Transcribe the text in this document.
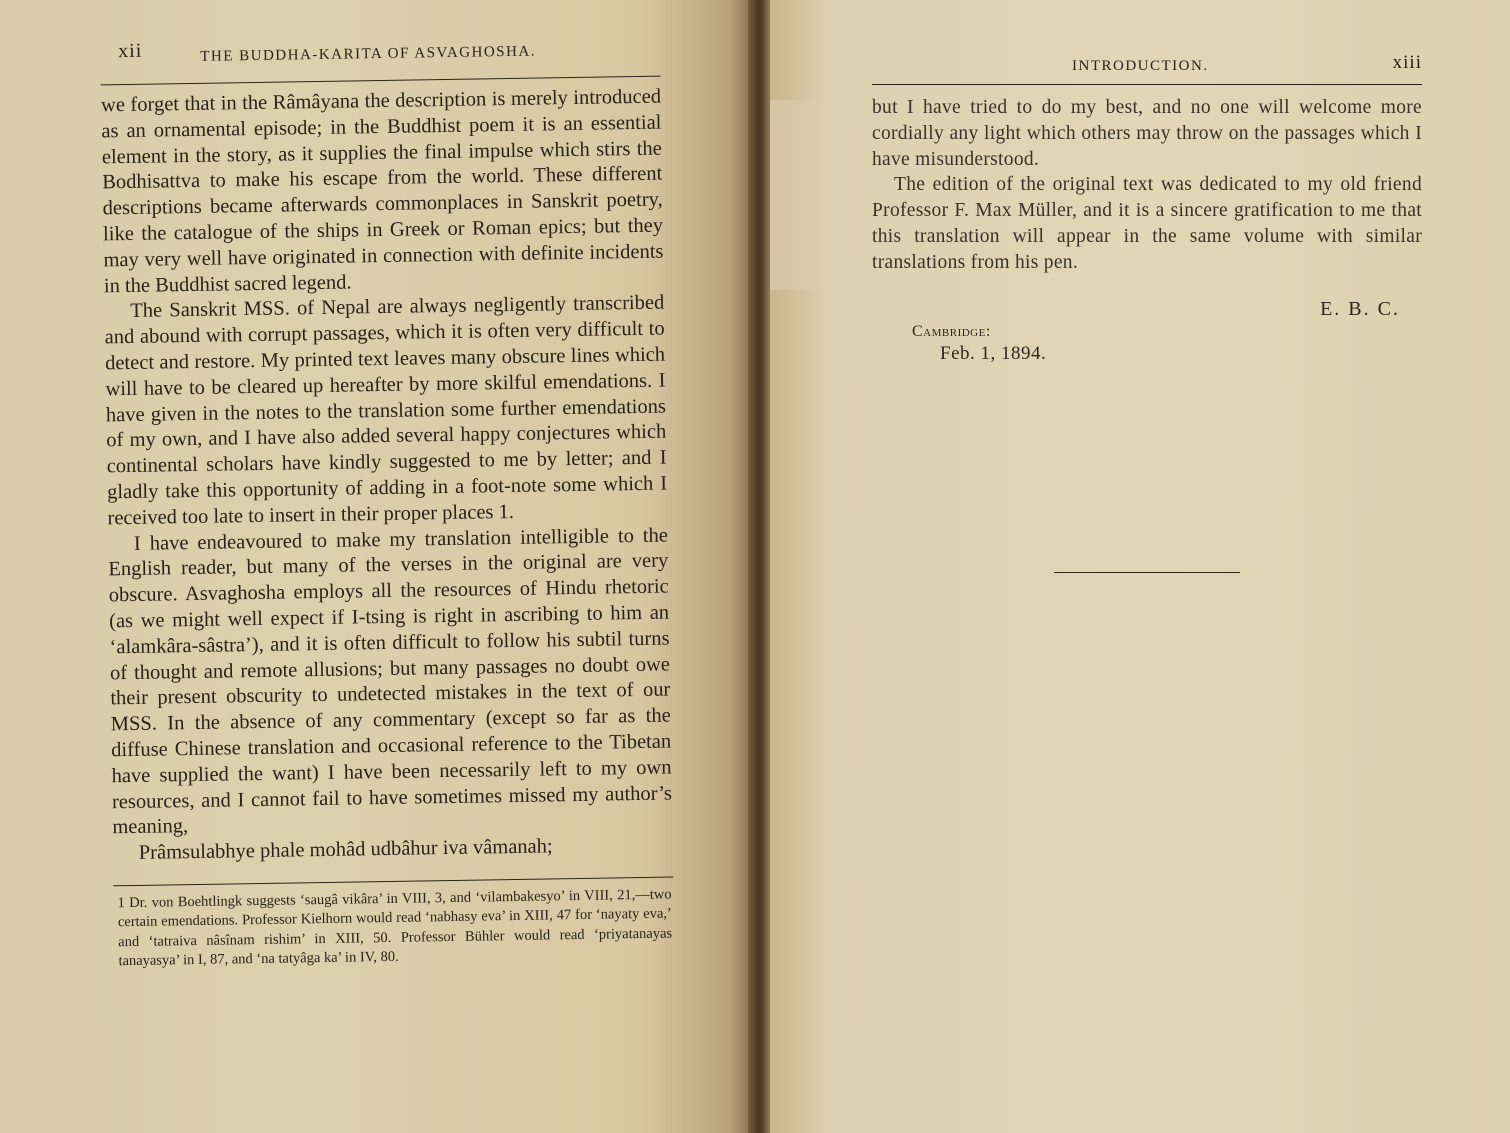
xii	THE BUDDHA-KARITA OF ASVAGHOSHA.

we forget that in the Râmâyana the description is merely introduced as an ornamental episode; in the Buddhist poem it is an essential element in the story, as it supplies the final impulse which stirs the Bodhisattva to make his escape from the world. These different descriptions became afterwards commonplaces in Sanskrit poetry, like the catalogue of the ships in Greek or Roman epics; but they may very well have originated in connection with definite incidents in the Buddhist sacred legend.

The Sanskrit MSS. of Nepal are always negligently transcribed and abound with corrupt passages, which it is often very difficult to detect and restore. My printed text leaves many obscure lines which will have to be cleared up hereafter by more skilful emendations. I have given in the notes to the translation some further emendations of my own, and I have also added several happy conjectures which continental scholars have kindly suggested to me by letter; and I gladly take this opportunity of adding in a foot-note some which I received too late to insert in their proper places 1.

I have endeavoured to make my translation intelligible to the English reader, but many of the verses in the original are very obscure. Asvaghosha employs all the resources of Hindu rhetoric (as we might well expect if I-tsing is right in ascribing to him an ‘alamkâra-sâstra’), and it is often difficult to follow his subtil turns of thought and remote allusions; but many passages no doubt owe their present obscurity to undetected mistakes in the text of our MSS. In the absence of any commentary (except so far as the diffuse Chinese translation and occasional reference to the Tibetan have supplied the want) I have been necessarily left to my own resources, and I cannot fail to have sometimes missed my author’s meaning,

Prâmsulabhye phale mohâd udbâhur iva vâmanah;

1 Dr. von Boehtlingk suggests ‘saugâ vikâra’ in VIII, 3, and ‘vilambakesyo’ in VIII, 21,—two certain emendations. Professor Kielhorn would read ‘nabhasy eva’ in XIII, 47 for ‘nayaty eva,’ and ‘tatraiva nâsînam rishim’ in XIII, 50. Professor Bühler would read ‘priyatanayas tanayasya’ in I, 87, and ‘na tatyâga ka’ in IV, 80.
INTRODUCTION.	xiii

but I have tried to do my best, and no one will welcome more cordially any light which others may throw on the passages which I have misunderstood.

The edition of the original text was dedicated to my old friend Professor F. Max Müller, and it is a sincere gratification to me that this translation will appear in the same volume with similar translations from his pen.

E. B. C.
Cambridge:
Feb. 1, 1894.
